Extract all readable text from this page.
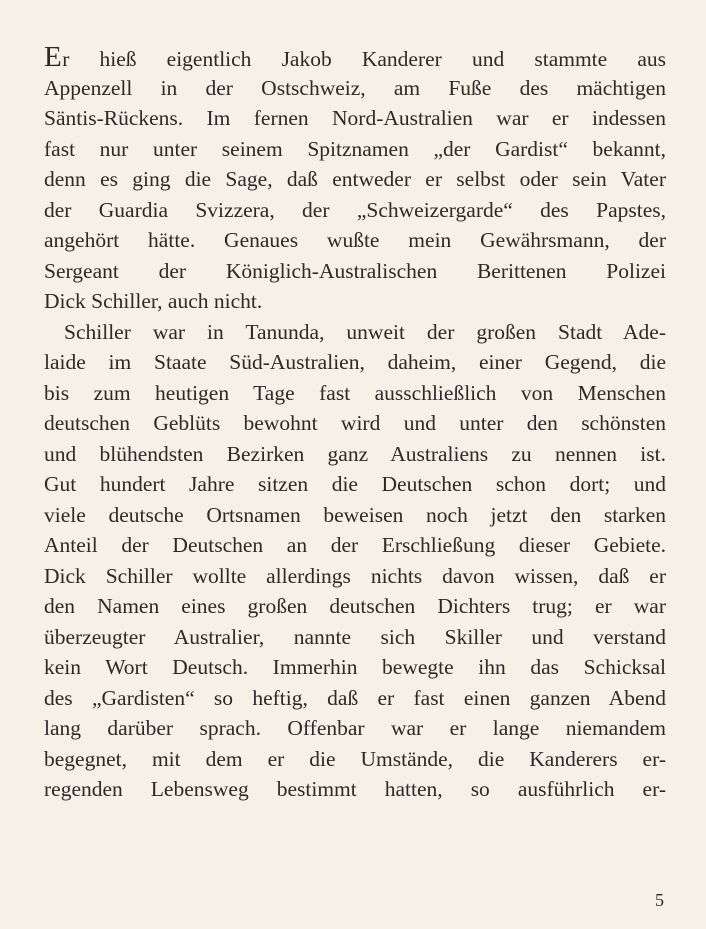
Er hieß eigentlich Jakob Kanderer und stammte aus
Appenzell in der Ostschweiz, am Fuße des mächtigen
Säntis-Rückens. Im fernen Nord-Australien war er indessen
fast nur unter seinem Spitznamen „der Gardist“ bekannt,
denn es ging die Sage, daß entweder er selbst oder sein Vater
der Guardia Svizzera, der „Schweizergarde“ des Papstes,
angehört hätte. Genaues wußte mein Gewährsmann, der
Sergeant der Königlich-Australischen Berittenen Polizei
Dick Schiller, auch nicht.
Schiller war in Tanunda, unweit der großen Stadt Ade-
laide im Staate Süd-Australien, daheim, einer Gegend, die
bis zum heutigen Tage fast ausschließlich von Menschen
deutschen Geblüts bewohnt wird und unter den schönsten
und blühendsten Bezirken ganz Australiens zu nennen ist.
Gut hundert Jahre sitzen die Deutschen schon dort; und
viele deutsche Ortsnamen beweisen noch jetzt den starken
Anteil der Deutschen an der Erschließung dieser Gebiete.
Dick Schiller wollte allerdings nichts davon wissen, daß er
den Namen eines großen deutschen Dichters trug; er war
überzeugter Australier, nannte sich Skiller und verstand
kein Wort Deutsch. Immerhin bewegte ihn das Schicksal
des „Gardisten“ so heftig, daß er fast einen ganzen Abend
lang darüber sprach. Offenbar war er lange niemandem
begegnet, mit dem er die Umstände, die Kanderers er-
regenden Lebensweg bestimmt hatten, so ausführlich er-
5
